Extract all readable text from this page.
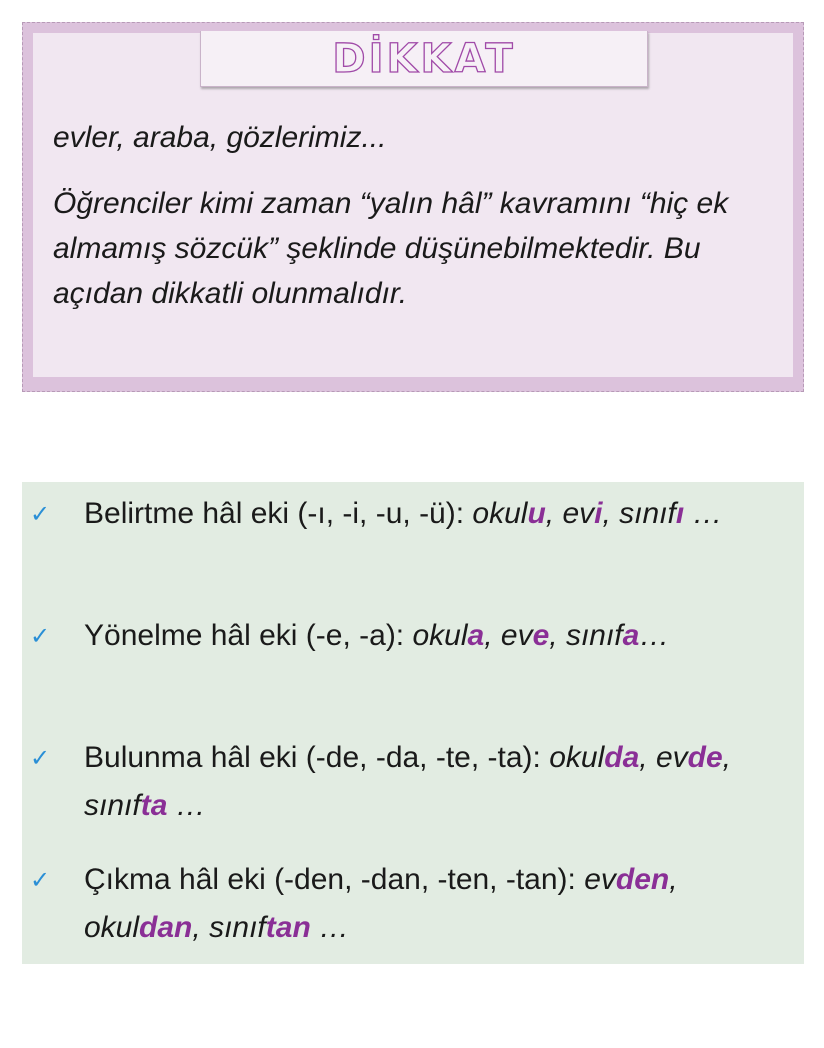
DİKKAT

evler, araba, gözlerimiz...

Öğrenciler kimi zaman “yalın hâl” kavramını “hiç ek almamış sözcük” şeklinde düşünebilmektedir. Bu açıdan dikkatli olunmalıdır.

✓ Belirtme hâl eki (-ı, -i, -u, -ü): okulu, evi, sınıfı …
✓ Yönelme hâl eki (-e, -a): okula, eve, sınıfa…
✓ Bulunma hâl eki (-de, -da, -te, -ta): okulda, evde, sınıfta …
✓ Çıkma hâl eki (-den, -dan, -ten, -tan): evden, okuldan, sınıftan …
